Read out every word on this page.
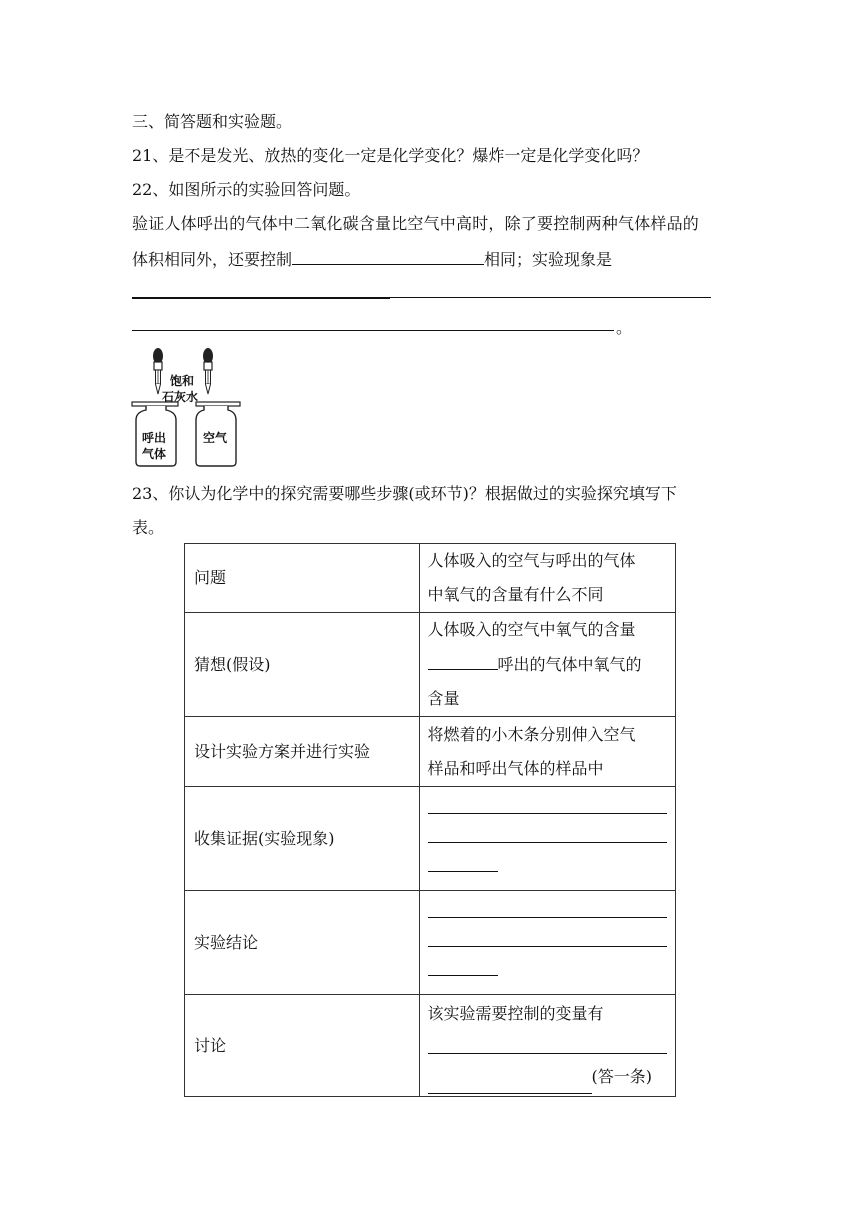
三、简答题和实验题。
21、是不是发光、放热的变化一定是化学变化？爆炸一定是化学变化吗？
22、如图所示的实验回答问题。
验证人体呼出的气体中二氧化碳含量比空气中高时，除了要控制两种气体样品的
体积相同外，还要控制	相同；实验现象是
。
饱和
石灰水
呼出
气体
空气
23、你认为化学中的探究需要哪些步骤(或环节)？根据做过的实验探究填写下
表。
问题	人体吸入的空气与呼出的气体
中氧气的含量有什么不同

猜想(假设)	人体吸入的空气中氧气的含量
呼出的气体中氧气的
含量

设计实验方案并进行实验	将燃着的小木条分别伸入空气
样品和呼出气体的样品中

收集证据(实验现象)	

实验结论	

讨论	该实验需要控制的变量有
(答一条)
